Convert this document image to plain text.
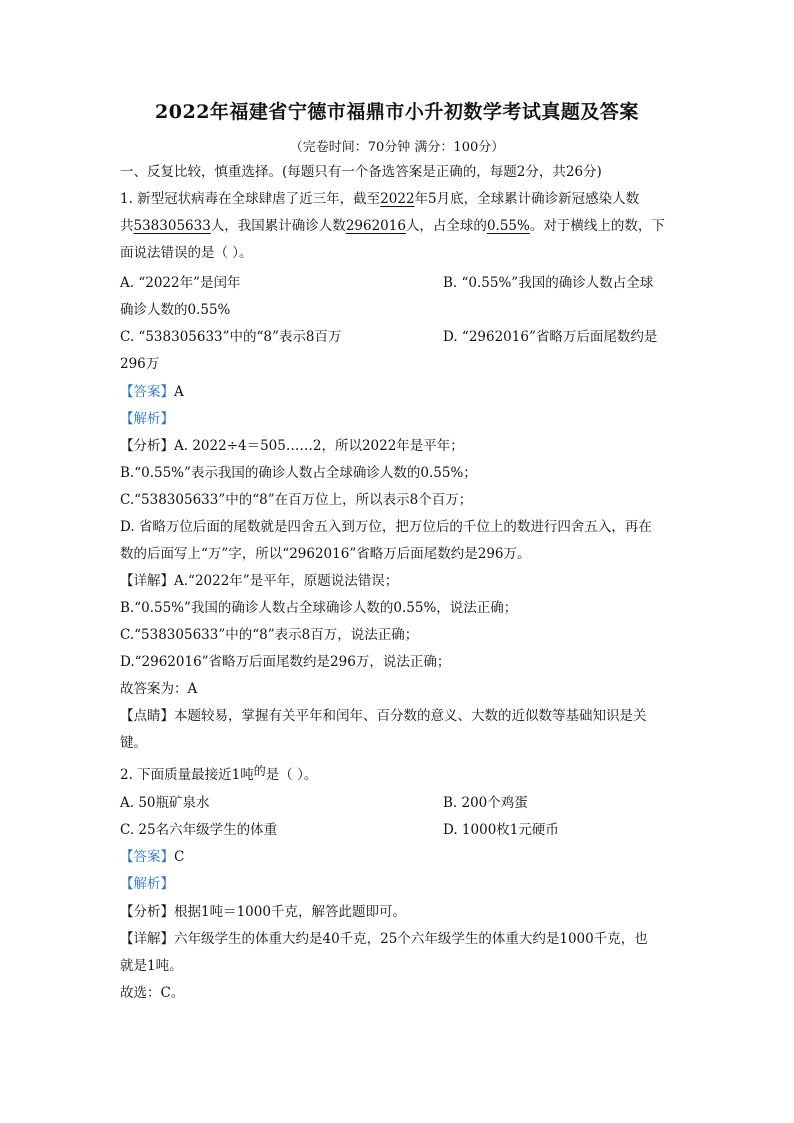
2022年福建省宁德市福鼎市小升初数学考试真题及答案
（完卷时间：70分钟 满分：100分）
一、反复比较，慎重选择。(每题只有一个备选答案是正确的，每题2分，共26分)
1. 新型冠状病毒在全球肆虐了近三年，截至2022年5月底，全球累计确诊新冠感染人数
共538305633人，我国累计确诊人数2962016人，占全球的0.55%。对于横线上的数，下
面说法错误的是（ ）。
A. “2022年”是闰年	B. “0.55%”我国的确诊人数占全球
确诊人数的0.55%
C. “538305633”中的“8”表示8百万	D. “2962016”省略万后面尾数约是
296万
【答案】A
【解析】
【分析】A. 2022÷4＝505……2，所以2022年是平年；
B.“0.55%”表示我国的确诊人数占全球确诊人数的0.55%；
C.“538305633”中的“8”在百万位上，所以表示8个百万；
D. 省略万位后面的尾数就是四舍五入到万位，把万位后的千位上的数进行四舍五入，再在
数的后面写上“万”字，所以“2962016”省略万后面尾数约是296万。
【详解】A.“2022年”是平年，原题说法错误；
B.“0.55%”我国的确诊人数占全球确诊人数的0.55%，说法正确；
C.“538305633”中的“8”表示8百万，说法正确；
D.“2962016”省略万后面尾数约是296万，说法正确；
故答案为：A
【点睛】本题较易，掌握有关平年和闰年、百分数的意义、大数的近似数等基础知识是关
键。
2. 下面质量最接近1吨的是（ ）。
A. 50瓶矿泉水	B. 200个鸡蛋
C. 25名六年级学生的体重	D. 1000枚1元硬币
【答案】C
【解析】
【分析】根据1吨＝1000千克，解答此题即可。
【详解】六年级学生的体重大约是40千克，25个六年级学生的体重大约是1000千克，也
就是1吨。
故选：C。
